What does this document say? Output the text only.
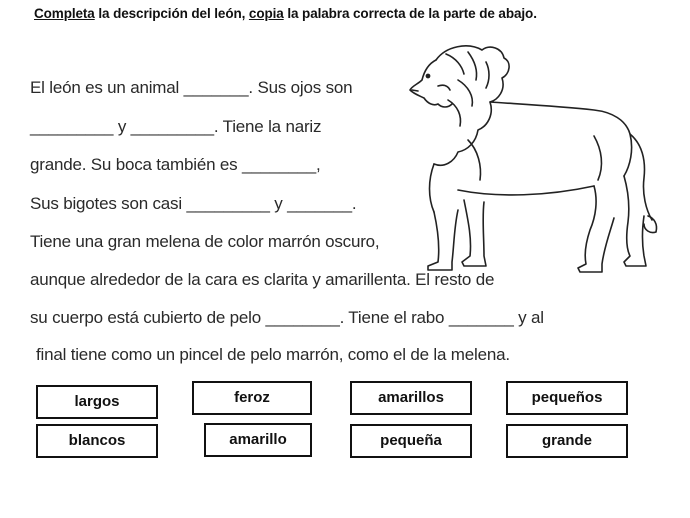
Completa la descripción del león, copia la palabra correcta de la parte de abajo.
El león es un animal _______. Sus ojos son
_________ y _________. Tiene la nariz
grande. Su boca también es ________,
Sus bigotes son casi _________ y _______.
Tiene una gran melena de color marrón oscuro,
aunque alrededor de la cara es clarita y amarillenta. El resto de
su cuerpo está cubierto de pelo ________. Tiene el rabo _______ y al
final tiene como un pincel de pelo marrón, como el de la melena.
largos	feroz	amarillos	pequeños
blancos	amarillo	pequeña	grande
